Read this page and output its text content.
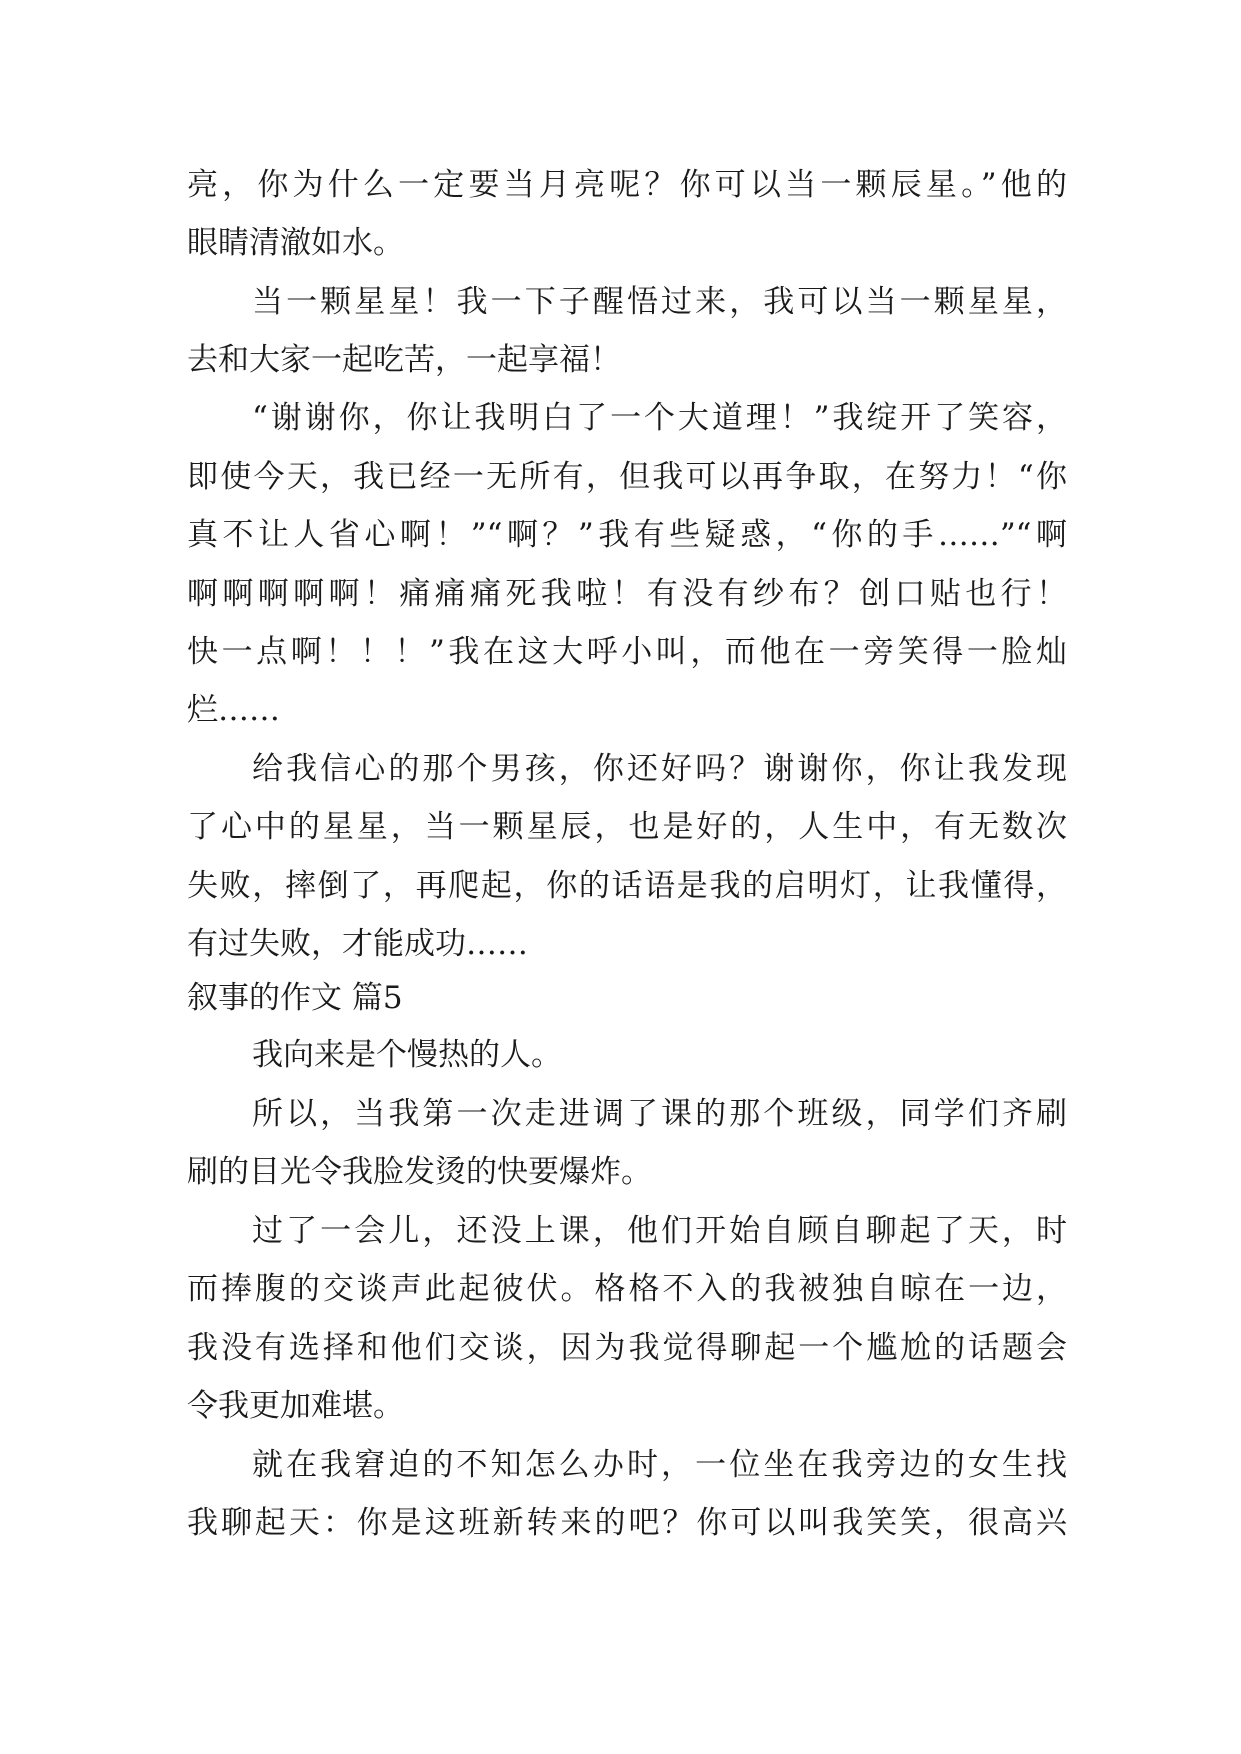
亮，你为什么一定要当月亮呢？你可以当一颗辰星。”他的
眼睛清澈如水。
当一颗星星！我一下子醒悟过来，我可以当一颗星星，
去和大家一起吃苦，一起享福！
“谢谢你，你让我明白了一个大道理！”我绽开了笑容，
即使今天，我已经一无所有，但我可以再争取，在努力！“你
真不让人省心啊！”“啊？”我有些疑惑，“你的手……”“啊
啊啊啊啊啊！痛痛痛死我啦！有没有纱布？创口贴也行！
快一点啊！！！”我在这大呼小叫，而他在一旁笑得一脸灿
烂……
给我信心的那个男孩，你还好吗？谢谢你，你让我发现
了心中的星星，当一颗星辰，也是好的，人生中，有无数次
失败，摔倒了，再爬起，你的话语是我的启明灯，让我懂得，
有过失败，才能成功……
叙事的作文 篇5
我向来是个慢热的人。
所以，当我第一次走进调了课的那个班级，同学们齐刷
刷的目光令我脸发烫的快要爆炸。
过了一会儿，还没上课，他们开始自顾自聊起了天，时
而捧腹的交谈声此起彼伏。格格不入的我被独自晾在一边，
我没有选择和他们交谈，因为我觉得聊起一个尴尬的话题会
令我更加难堪。
就在我窘迫的不知怎么办时，一位坐在我旁边的女生找
我聊起天：你是这班新转来的吧？你可以叫我笑笑，很高兴
